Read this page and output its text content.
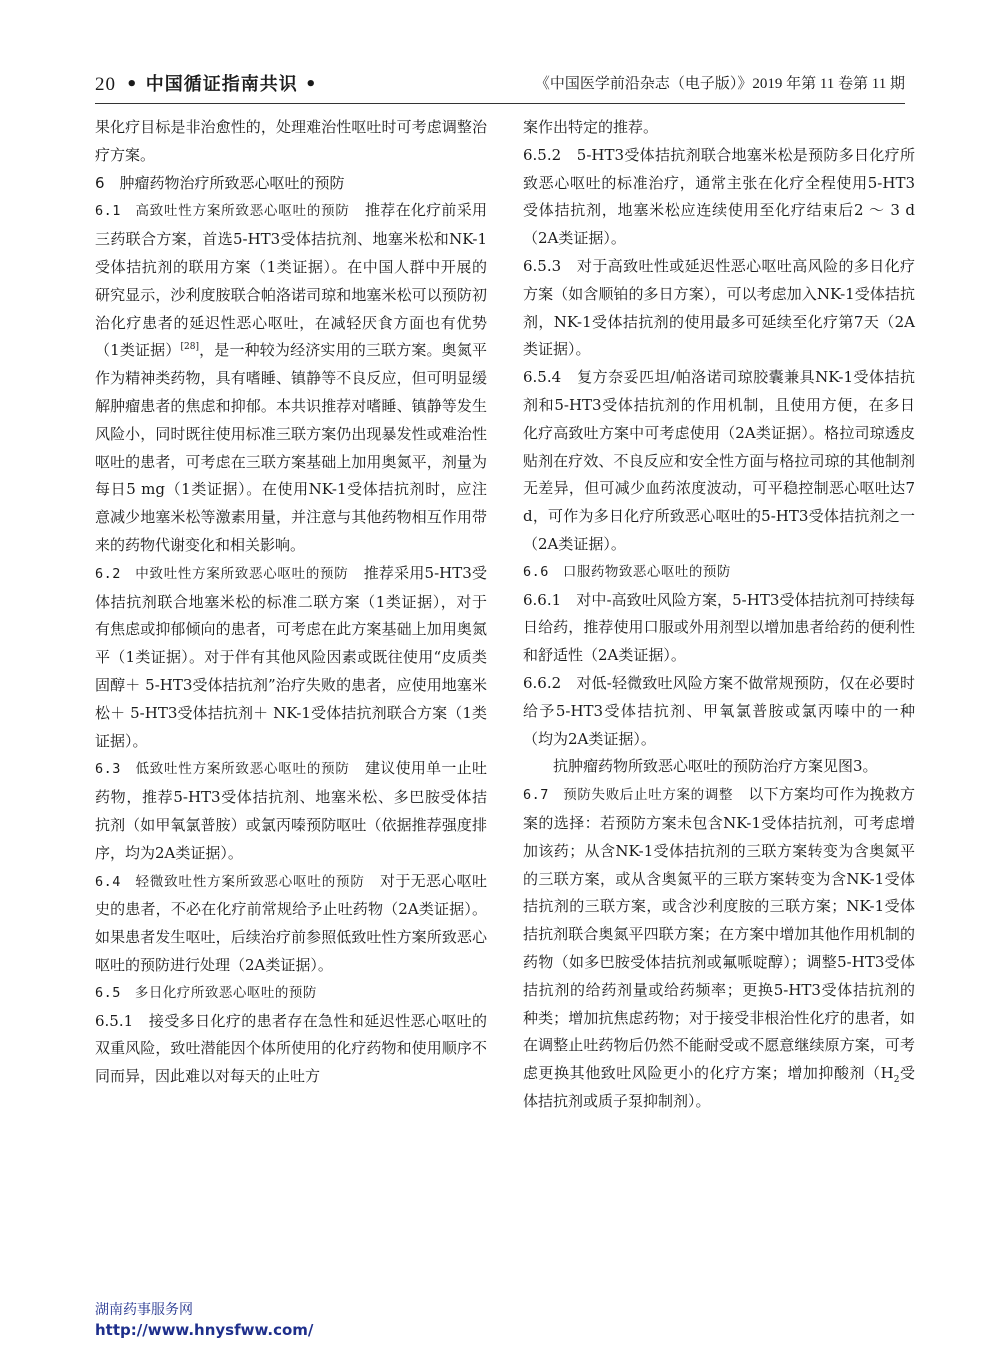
20 • 中国循证指南共识 •	《中国医学前沿杂志（电子版）》2019 年第 11 卷第 11 期

果化疗目标是非治愈性的，处理难治性呕吐时可考虑调整治疗方案。

6　肿瘤药物治疗所致恶心呕吐的预防

6.1　高致吐性方案所致恶心呕吐的预防　 推荐在化疗前采用三药联合方案，首选5-HT3受体拮抗剂、地塞米松和NK-1受体拮抗剂的联用方案（1类证据）。在中国人群中开展的研究显示，沙利度胺联合帕洛诺司琼和地塞米松可以预防初治化疗患者的延迟性恶心呕吐，在减轻厌食方面也有优势（1类证据）[28]，是一种较为经济实用的三联方案。奥氮平作为精神类药物，具有嗜睡、镇静等不良反应，但可明显缓解肿瘤患者的焦虑和抑郁。本共识推荐对嗜睡、镇静等发生风险小，同时既往使用标准三联方案仍出现暴发性或难治性呕吐的患者，可考虑在三联方案基础上加用奥氮平，剂量为每日5 mg（1类证据）。在使用NK-1受体拮抗剂时，应注意减少地塞米松等激素用量，并注意与其他药物相互作用带来的药物代谢变化和相关影响。

6.2　中致吐性方案所致恶心呕吐的预防　 推荐采用5-HT3受体拮抗剂联合地塞米松的标准二联方案（1类证据），对于有焦虑或抑郁倾向的患者，可考虑在此方案基础上加用奥氮平（1类证据）。对于伴有其他风险因素或既往使用“皮质类固醇＋ 5-HT3受体拮抗剂”治疗失败的患者，应使用地塞米松＋ 5-HT3受体拮抗剂＋ NK-1受体拮抗剂联合方案（1类证据）。

6.3　低致吐性方案所致恶心呕吐的预防　 建议使用单一止吐药物，推荐5-HT3受体拮抗剂、地塞米松、多巴胺受体拮抗剂（如甲氧氯普胺）或氯丙嗪预防呕吐（依据推荐强度排序，均为2A类证据）。

6.4　轻微致吐性方案所致恶心呕吐的预防　 对于无恶心呕吐史的患者，不必在化疗前常规给予止吐药物（2A类证据）。如果患者发生呕吐，后续治疗前参照低致吐性方案所致恶心呕吐的预防进行处理（2A类证据）。

6.5　多日化疗所致恶心呕吐的预防

6.5.1　接受多日化疗的患者存在急性和延迟性恶心呕吐的双重风险，致吐潜能因个体所使用的化疗药物和使用顺序不同而异，因此难以对每天的止吐方

案作出特定的推荐。

6.5.2　5-HT3受体拮抗剂联合地塞米松是预防多日化疗所致恶心呕吐的标准治疗，通常主张在化疗全程使用5-HT3受体拮抗剂，地塞米松应连续使用至化疗结束后2 ～ 3 d（2A类证据）。

6.5.3　对于高致吐性或延迟性恶心呕吐高风险的多日化疗方案（如含顺铂的多日方案），可以考虑加入NK-1受体拮抗剂，NK-1受体拮抗剂的使用最多可延续至化疗第7天（2A类证据）。

6.5.4　复方奈妥匹坦/帕洛诺司琼胶囊兼具NK-1受体拮抗剂和5-HT3受体拮抗剂的作用机制，且使用方便，在多日化疗高致吐方案中可考虑使用（2A类证据）。格拉司琼透皮贴剂在疗效、不良反应和安全性方面与格拉司琼的其他制剂无差异，但可减少血药浓度波动，可平稳控制恶心呕吐达7 d，可作为多日化疗所致恶心呕吐的5-HT3受体拮抗剂之一（2A类证据）。

6.6　口服药物致恶心呕吐的预防

6.6.1　对中-高致吐风险方案，5-HT3受体拮抗剂可持续每日给药，推荐使用口服或外用剂型以增加患者给药的便利性和舒适性（2A类证据）。

6.6.2　对低-轻微致吐风险方案不做常规预防，仅在必要时给予5-HT3受体拮抗剂、甲氧氯普胺或氯丙嗪中的一种（均为2A类证据）。

抗肿瘤药物所致恶心呕吐的预防治疗方案见图3。

6.7　预防失败后止吐方案的调整　 以下方案均可作为挽救方案的选择：若预防方案未包含NK-1受体拮抗剂，可考虑增加该药；从含NK-1受体拮抗剂的三联方案转变为含奥氮平的三联方案，或从含奥氮平的三联方案转变为含NK-1受体拮抗剂的三联方案，或含沙利度胺的三联方案；NK-1受体拮抗剂联合奥氮平四联方案；在方案中增加其他作用机制的药物（如多巴胺受体拮抗剂或氟哌啶醇）；调整5-HT3受体拮抗剂的给药剂量或给药频率；更换5-HT3受体拮抗剂的种类；增加抗焦虑药物；对于接受非根治性化疗的患者，如在调整止吐药物后仍然不能耐受或不愿意继续原方案，可考虑更换其他致吐风险更小的化疗方案；增加抑酸剂（$H_2$受体拮抗剂或质子泵抑制剂）。

湖南药事服务网
http://www.hnysfww.com/
